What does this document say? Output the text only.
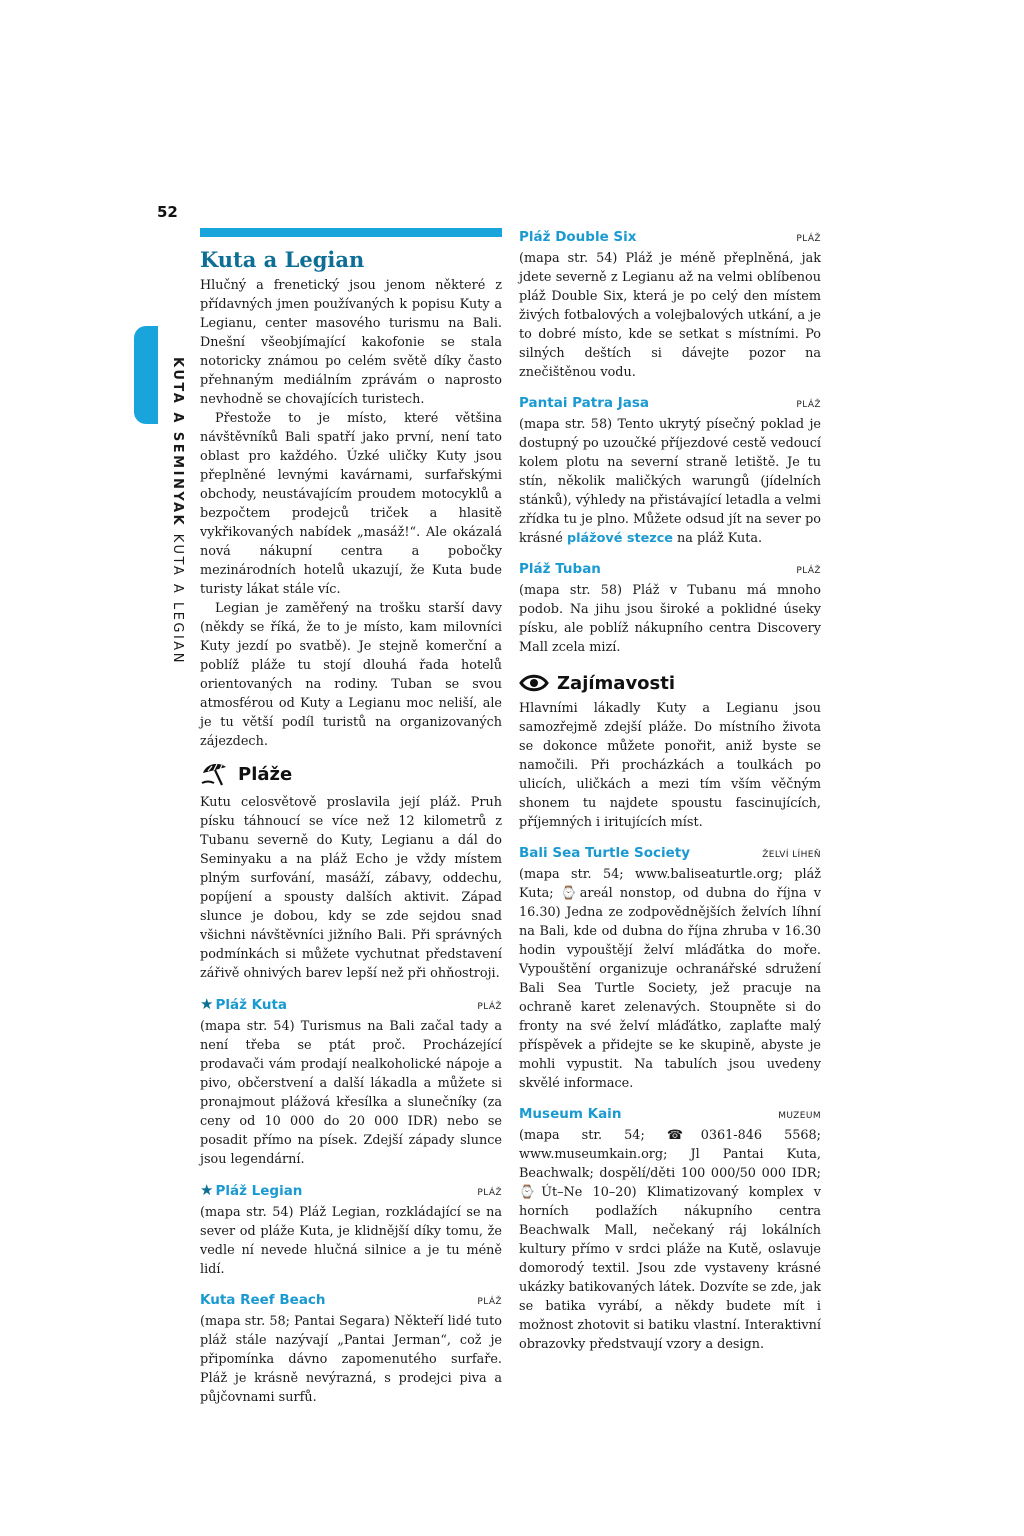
52
KUTA A SEMINYAK KUTA A LEGIAN
Kuta a Legian

Hlučný a frenetický jsou jenom některé z přídavných jmen používaných k popisu Kuty a Legianu, center masového turismu na Bali. Dnešní všeobjímající kakofonie se stala notoricky známou po celém světě díky často přehnaným mediálním zprávám o naprosto nevhodně se chovajících turistech.

Přestože to je místo, které většina návštěvníků Bali spatří jako první, není tato oblast pro každého. Úzké uličky Kuty jsou přeplněné levnými kavárnami, surfařskými obchody, neustávajícím proudem motocyklů a bezpočtem prodejců triček a hlasitě vykřikovaných nabídek „masáž!“. Ale okázalá nová nákupní centra a pobočky mezinárodních hotelů ukazují, že Kuta bude turisty lákat stále víc.

Legian je zaměřený na trošku starší davy (někdy se říká, že to je místo, kam milovníci Kuty jezdí po svatbě). Je stejně komerční a poblíž pláže tu stojí dlouhá řada hotelů orientovaných na rodiny. Tuban se svou atmosférou od Kuty a Legianu moc neliší, ale je tu větší podíl turistů na organizovaných zájezdech.

Pláže

Kutu celosvětově proslavila její pláž. Pruh písku táhnoucí se více než 12 kilometrů z Tubanu severně do Kuty, Legianu a dál do Seminyaku a na pláž Echo je vždy místem plným surfování, masáží, zábavy, oddechu, popíjení a spousty dalších aktivit. Západ slunce je dobou, kdy se zde sejdou snad všichni návštěvníci jižního Bali. Při správných podmínkách si můžete vychutnat představení zářivě ohnivých barev lepší než při ohňostroji.

★ Pláž Kuta	PLÁŽ

(mapa str. 54) Turismus na Bali začal tady a není třeba se ptát proč. Procházející prodavači vám prodají nealkoholické nápoje a pivo, občerstvení a další lákadla a můžete si pronajmout plážová křesílka a slunečníky (za ceny od 10 000 do 20 000 IDR) nebo se posadit přímo na písek. Zdejší západy slunce jsou legendární.

★ Pláž Legian	PLÁŽ

(mapa str. 54) Pláž Legian, rozkládající se na sever od pláže Kuta, je klidnější díky tomu, že vedle ní nevede hlučná silnice a je tu méně lidí.

Kuta Reef Beach	PLÁŽ

(mapa str. 58; Pantai Segara) Někteří lidé tuto pláž stále nazývají „Pantai Jerman“, což je připomínka dávno zapomenutého surfaře. Pláž je krásně nevýrazná, s prodejci piva a půjčovnami surfů.

Pláž Double Six	PLÁŽ

(mapa str. 54) Pláž je méně přeplněná, jak jdete severně z Legianu až na velmi oblíbenou pláž Double Six, která je po celý den místem živých fotbalových a volejbalových utkání, a je to dobré místo, kde se setkat s místními. Po silných deštích si dávejte pozor na znečištěnou vodu.

Pantai Patra Jasa	PLÁŽ

(mapa str. 58) Tento ukrytý písečný poklad je dostupný po uzoučké příjezdové cestě vedoucí kolem plotu na severní straně letiště. Je tu stín, několik maličkých warungů (jídelních stánků), výhledy na přistávající letadla a velmi zřídka tu je plno. Můžete odsud jít na sever po krásné plážové stezce na pláž Kuta.

Pláž Tuban	PLÁŽ

(mapa str. 58) Pláž v Tubanu má mnoho podob. Na jihu jsou široké a poklidné úseky písku, ale poblíž nákupního centra Discovery Mall zcela mizí.

Zajímavosti

Hlavními lákadly Kuty a Legianu jsou samozřejmě zdejší pláže. Do místního života se dokonce můžete ponořit, aniž byste se namočili. Při procházkách a toulkách po ulicích, uličkách a mezi tím vším věčným shonem tu najdete spoustu fascinujících, příjemných i iritujících míst.

Bali Sea Turtle Society	ŽELVÍ LÍHEŇ

(mapa str. 54; www.baliseaturtle.org; pláž Kuta; ⌚areál nonstop, od dubna do října v 16.30) Jedna ze zodpovědnějších želvích líhní na Bali, kde od dubna do října zhruba v 16.30 hodin vypouštějí želví mláďátka do moře. Vypouštění organizuje ochranářské sdružení Bali Sea Turtle Society, jež pracuje na ochraně karet zelenavých. Stoupněte si do fronty na své želví mláďátko, zaplaťte malý příspěvek a přidejte se ke skupině, abyste je mohli vypustit. Na tabulích jsou uvedeny skvělé informace.

Museum Kain	MUZEUM

(mapa str. 54; ☎0361-846 5568; www.museumkain.org; Jl Pantai Kuta, Beachwalk; dospělí/děti 100 000/50 000 IDR; ⌚Út–Ne 10–20) Klimatizovaný komplex v horních podlažích nákupního centra Beachwalk Mall, nečekaný ráj lokálních kultury přímo v srdci pláže na Kutě, oslavuje domorodý textil. Jsou zde vystaveny krásné ukázky batikovaných látek. Dozvíte se zde, jak se batika vyrábí, a někdy budete mít i možnost zhotovit si batiku vlastní. Interaktivní obrazovky předstvaují vzory a design.
